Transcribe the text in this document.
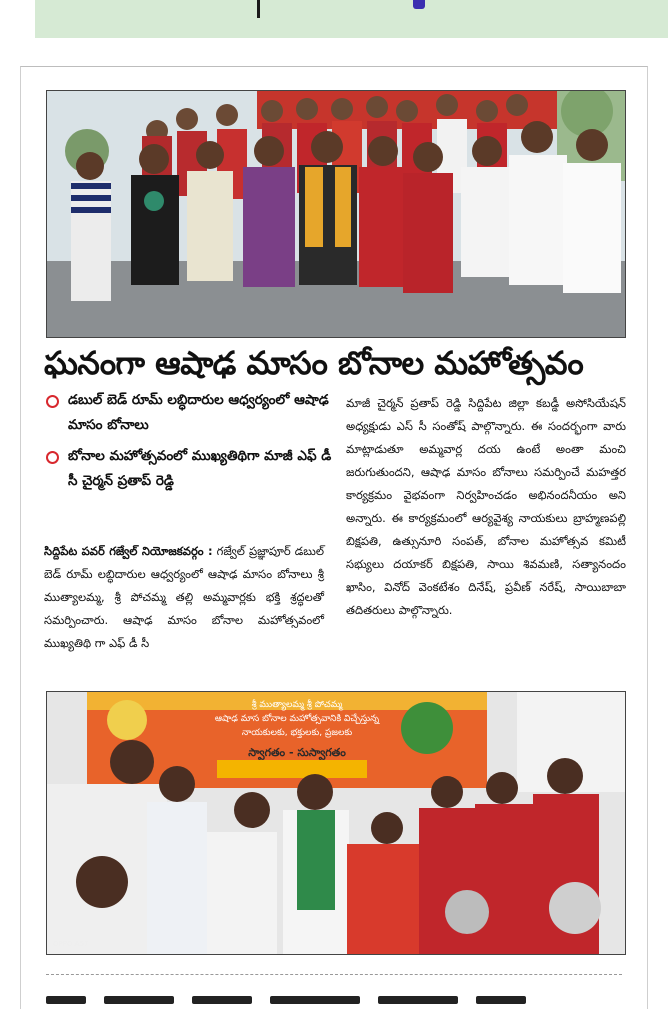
ఘనంగా ఆషాఢ మాసం బోనాల మహోత్సవం
డబుల్ బెడ్ రూమ్ లబ్ధిదారుల ఆధ్వర్యంలో ఆషాఢ మాసం బోనాలు
బోనాల మహోత్సవంలో ముఖ్యతిథిగా మాజీ ఎఫ్ డీ సీ చైర్మన్ ప్రతాప్ రెడ్డి
సిద్దిపేట పవర్ గజ్వేల్ నియోజకవర్గం : గజ్వేల్ ప్రజ్ఞాపూర్ డబుల్ బెడ్ రూమ్ లబ్ధిదారుల ఆధ్వర్యంలో ఆషాఢ మాసం బోనాలు శ్రీ ముత్యాలమ్మ, శ్రీ పోచమ్మ తల్లి అమ్మవార్లకు భక్తి శ్రద్ధలతో సమర్పించారు. ఆషాఢ మాసం బోనాల మహోత్సవంలో ముఖ్యతిథి గా ఎఫ్ డీ సీ
మాజీ చైర్మన్ ప్రతాప్ రెడ్డి సిద్దిపేట జిల్లా కబడ్డీ అసోసియేషన్ అధ్యక్షుడు ఎస్ సీ సంతోష్ పాల్గొన్నారు. ఈ సందర్భంగా వారు మాట్లాడుతూ అమ్మవార్ల దయ ఉంటే అంతా మంచి జరుగుతుందని, ఆషాఢ మాసం బోనాలు సమర్పించే మహత్తర కార్యక్రమం వైభవంగా నిర్వహించడం అభినందనీయం అని అన్నారు. ఈ కార్యక్రమంలో ఆర్యవైశ్య నాయకులు బ్రాహ్మణపల్లి బిక్షపతి, ఉత్సునూరి సంపత్, బోనాల మహోత్సవ కమిటీ సభ్యులు దయాకర్ బిక్షపతి, సాయి శివమణి, సత్యానందం ఖాసిం, వినోద్ వెంకటేశం దినేష్, ప్రవీణ్ నరేష్, సాయిబాబా తదితరులు పాల్గొన్నారు.
శ్రీ ముత్యాలమ్మ శ్రీ పోచమ్మ
ఆషాఢ మాస బోనాల మహోత్సవానికి విచ్చేస్తున్న
నాయకులకు, భక్తులకు, ప్రజలకు
స్వాగతం - సుస్వాగతం
OPPO A57
